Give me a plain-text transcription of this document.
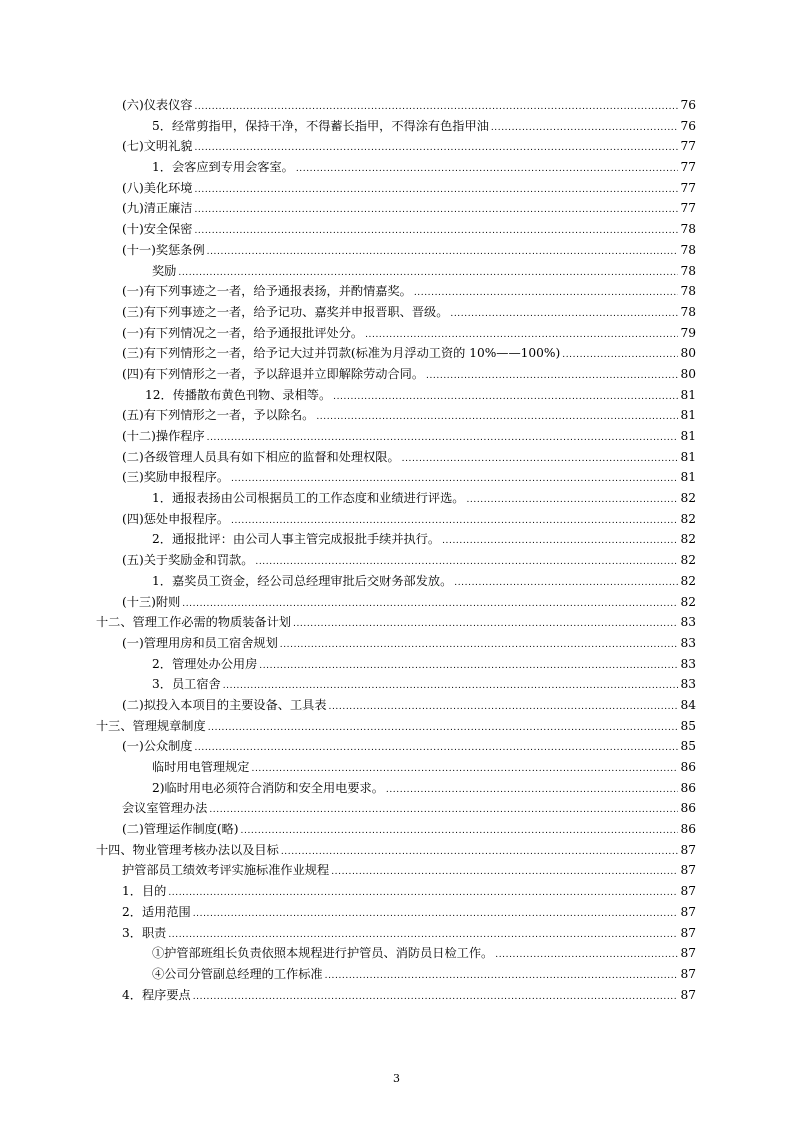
(六)仪表仪容 .....	76
5．经常剪指甲，保持干净，不得蓄长指甲，不得涂有色指甲油 .....	76
(七)文明礼貌 .....	77
1．会客应到专用会客室。 .....	77
(八)美化环境 .....	77
(九)清正廉洁 .....	77
(十)安全保密 .....	78
(十一)奖惩条例 .....	78
奖励 .....	78
(一)有下列事迹之一者，给予通报表扬，并酌情嘉奖。 .....	78
(三)有下列事迹之一者，给予记功、嘉奖并申报晋职、晋级。 .....	78
(一)有下列情况之一者，给予通报批评处分。 .....	79
(三)有下列情形之一者，给予记大过并罚款(标准为月浮动工资的 10%——100%) .....	80
(四)有下列情形之一者，予以辞退并立即解除劳动合同。 .....	80
12．传播散布黄色刊物、录相等。 .....	81
(五)有下列情形之一者，予以除名。 .....	81
(十二)操作程序 .....	81
(二)各级管理人员具有如下相应的监督和处理权限。 .....	81
(三)奖励申报程序。 .....	81
1．通报表扬由公司根据员工的工作态度和业绩进行评选。 .....	82
(四)惩处申报程序。 .....	82
2．通报批评：由公司人事主管完成报批手续并执行。 .....	82
(五)关于奖励金和罚款。 .....	82
1．嘉奖员工资金，经公司总经理审批后交财务部发放。 .....	82
(十三)附则 .....	82
十二、管理工作必需的物质装备计划 .....	83
(一)管理用房和员工宿舍规划 .....	83
2．管理处办公用房 .....	83
3．员工宿舍 .....	83
(二)拟投入本项目的主要设备、工具表 .....	84
十三、管理规章制度 .....	85
(一)公众制度 .....	85
临时用电管理规定 .....	86
2)临时用电必须符合消防和安全用电要求。 .....	86
会议室管理办法 .....	86
(二)管理运作制度(略) .....	86
十四、物业管理考核办法以及目标 .....	87
护管部员工绩效考评实施标准作业规程 .....	87
1．目的 .....	87
2．适用范围 .....	87
3．职责 .....	87
①护管部班组长负责依照本规程进行护管员、消防员日检工作。 .....	87
④公司分管副总经理的工作标准 .....	87
4．程序要点 .....	87
3
